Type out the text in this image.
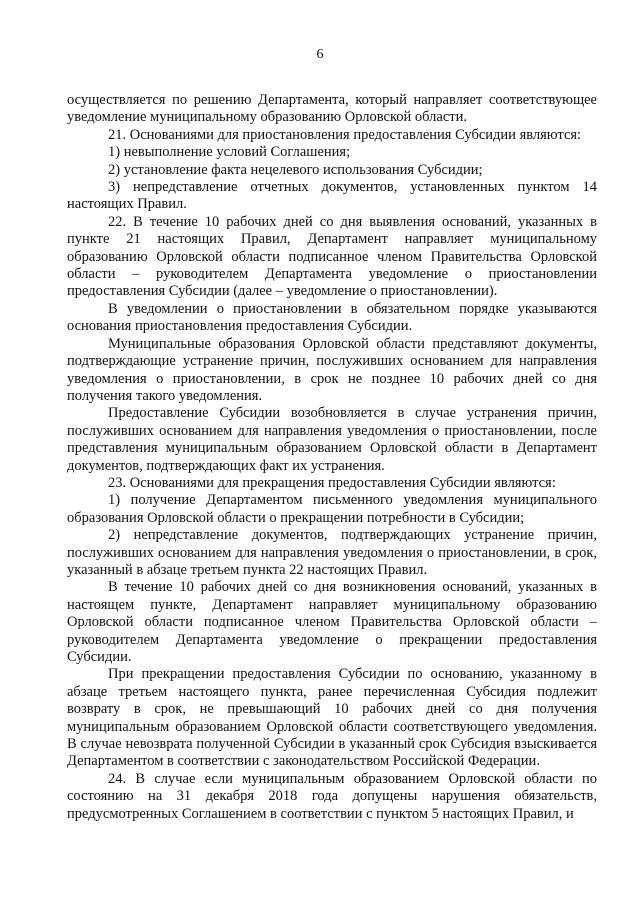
6

осуществляется по решению Департамента, который направляет соответствующее уведомление муниципальному образованию Орловской области.

21. Основаниями для приостановления предоставления Субсидии являются:

1) невыполнение условий Соглашения;

2) установление факта нецелевого использования Субсидии;

3) непредставление отчетных документов, установленных пунктом 14 настоящих Правил.

22. В течение 10 рабочих дней со дня выявления оснований, указанных в пункте 21 настоящих Правил, Департамент направляет муниципальному образованию Орловской области подписанное членом Правительства Орловской области – руководителем Департамента уведомление о приостановлении предоставления Субсидии (далее – уведомление о приостановлении).

В уведомлении о приостановлении в обязательном порядке указываются основания приостановления предоставления Субсидии.

Муниципальные образования Орловской области представляют документы, подтверждающие устранение причин, послуживших основанием для направления уведомления о приостановлении, в срок не позднее 10 рабочих дней со дня получения такого уведомления.

Предоставление Субсидии возобновляется в случае устранения причин, послуживших основанием для направления уведомления о приостановлении, после представления муниципальным образованием Орловской области в Департамент документов, подтверждающих факт их устранения.

23. Основаниями для прекращения предоставления Субсидии являются:

1) получение Департаментом письменного уведомления муниципального образования Орловской области о прекращении потребности в Субсидии;

2) непредставление документов, подтверждающих устранение причин, послуживших основанием для направления уведомления о приостановлении, в срок, указанный в абзаце третьем пункта 22 настоящих Правил.

В течение 10 рабочих дней со дня возникновения оснований, указанных в настоящем пункте, Департамент направляет муниципальному образованию Орловской области подписанное членом Правительства Орловской области – руководителем Департамента уведомление о прекращении предоставления Субсидии.

При прекращении предоставления Субсидии по основанию, указанному в абзаце третьем настоящего пункта, ранее перечисленная Субсидия подлежит возврату в срок, не превышающий 10 рабочих дней со дня получения муниципальным образованием Орловской области соответствующего уведомления. В случае невозврата полученной Субсидии в указанный срок Субсидия взыскивается Департаментом в соответствии с законодательством Российской Федерации.

24. В случае если муниципальным образованием Орловской области по состоянию на 31 декабря 2018 года допущены нарушения обязательств, предусмотренных Соглашением в соответствии с пунктом 5 настоящих Правил, и
